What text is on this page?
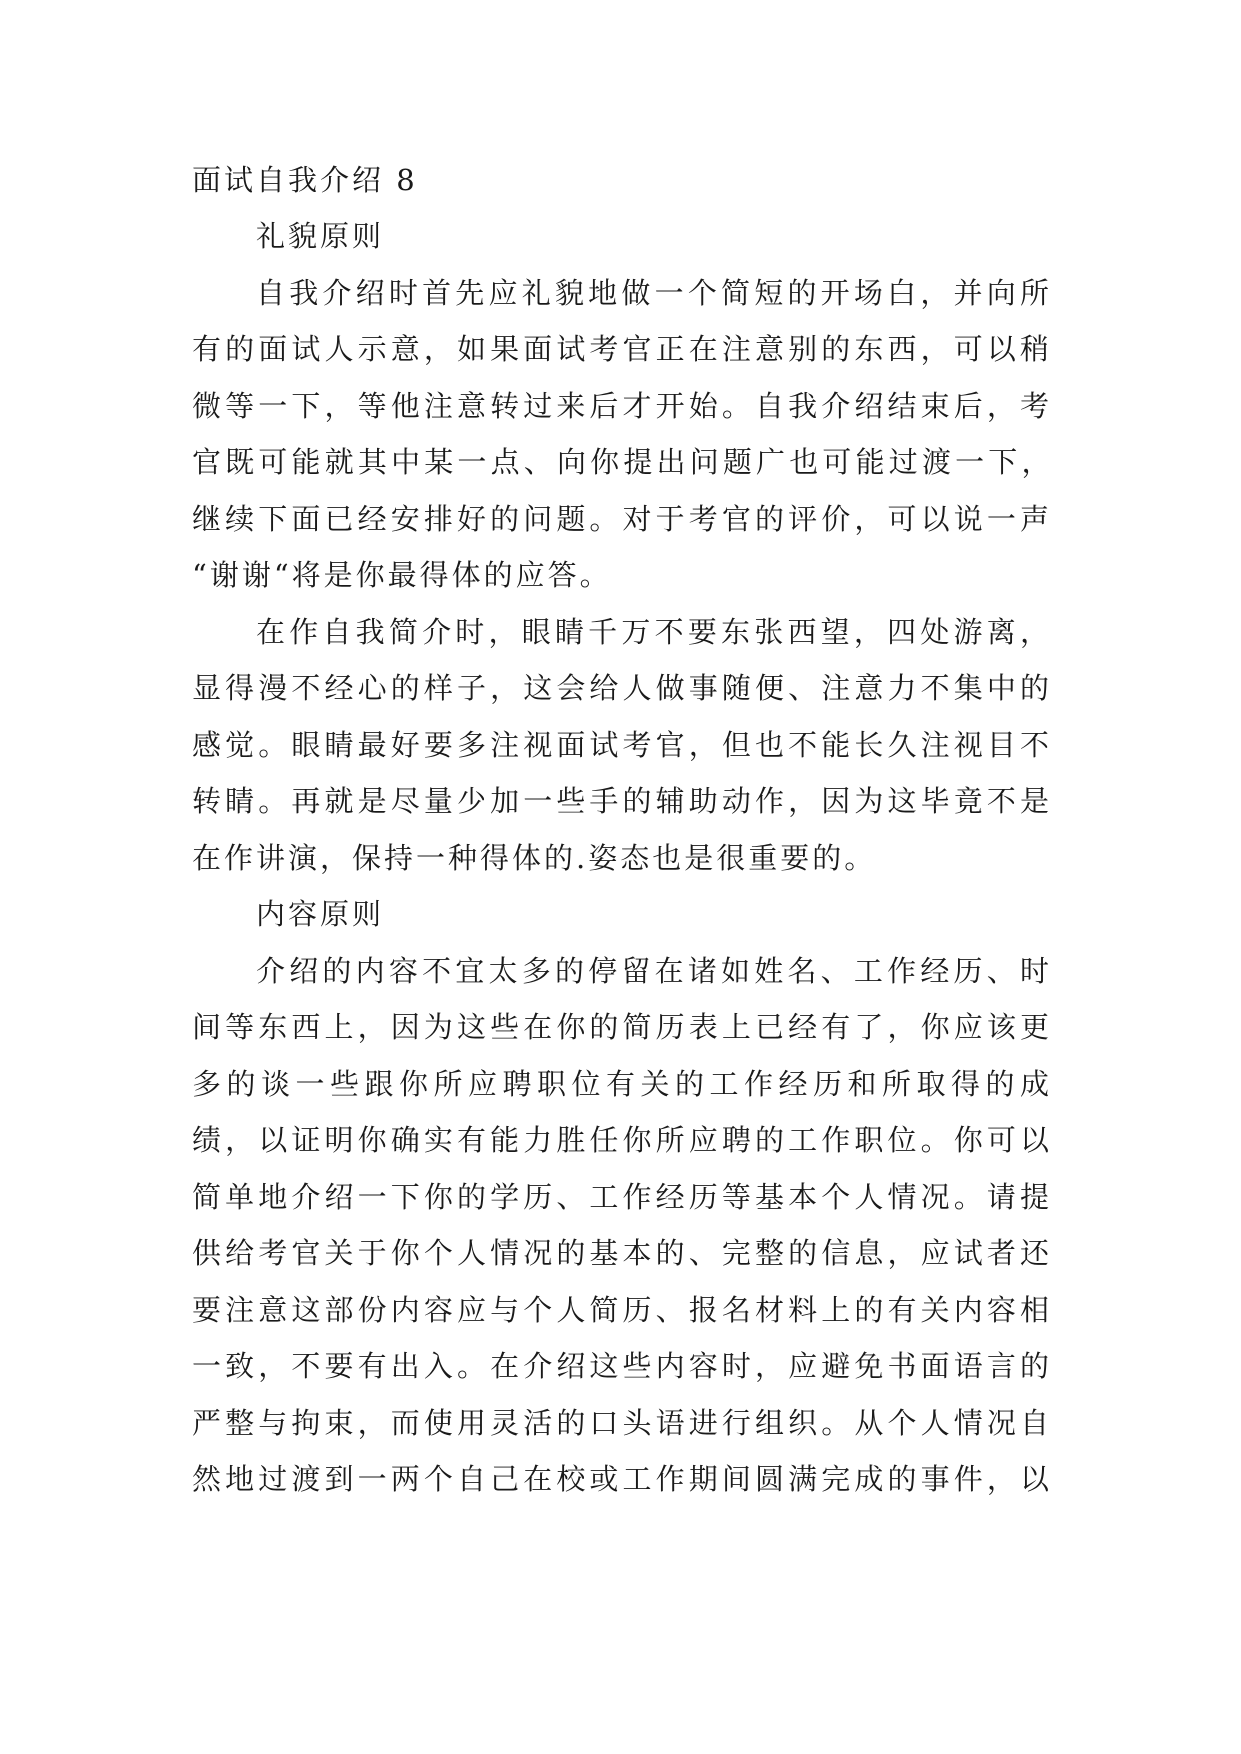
面试自我介绍 8
礼貌原则
自我介绍时首先应礼貌地做一个简短的开场白，并向所
有的面试人示意，如果面试考官正在注意别的东西，可以稍
微等一下，等他注意转过来后才开始。自我介绍结束后，考
官既可能就其中某一点、向你提出问题广也可能过渡一下，
继续下面已经安排好的问题。对于考官的评价，可以说一声
“谢谢“将是你最得体的应答。
在作自我简介时，眼睛千万不要东张西望，四处游离，
显得漫不经心的样子，这会给人做事随便、注意力不集中的
感觉。眼睛最好要多注视面试考官，但也不能长久注视目不
转睛。再就是尽量少加一些手的辅助动作，因为这毕竟不是
在作讲演，保持一种得体的.姿态也是很重要的。
内容原则
介绍的内容不宜太多的停留在诸如姓名、工作经历、时
间等东西上，因为这些在你的简历表上已经有了，你应该更
多的谈一些跟你所应聘职位有关的工作经历和所取得的成
绩，以证明你确实有能力胜任你所应聘的工作职位。你可以
简单地介绍一下你的学历、工作经历等基本个人情况。请提
供给考官关于你个人情况的基本的、完整的信息，应试者还
要注意这部份内容应与个人简历、报名材料上的有关内容相
一致，不要有出入。在介绍这些内容时，应避免书面语言的
严整与拘束，而使用灵活的口头语进行组织。从个人情况自
然地过渡到一两个自己在校或工作期间圆满完成的事件，以
